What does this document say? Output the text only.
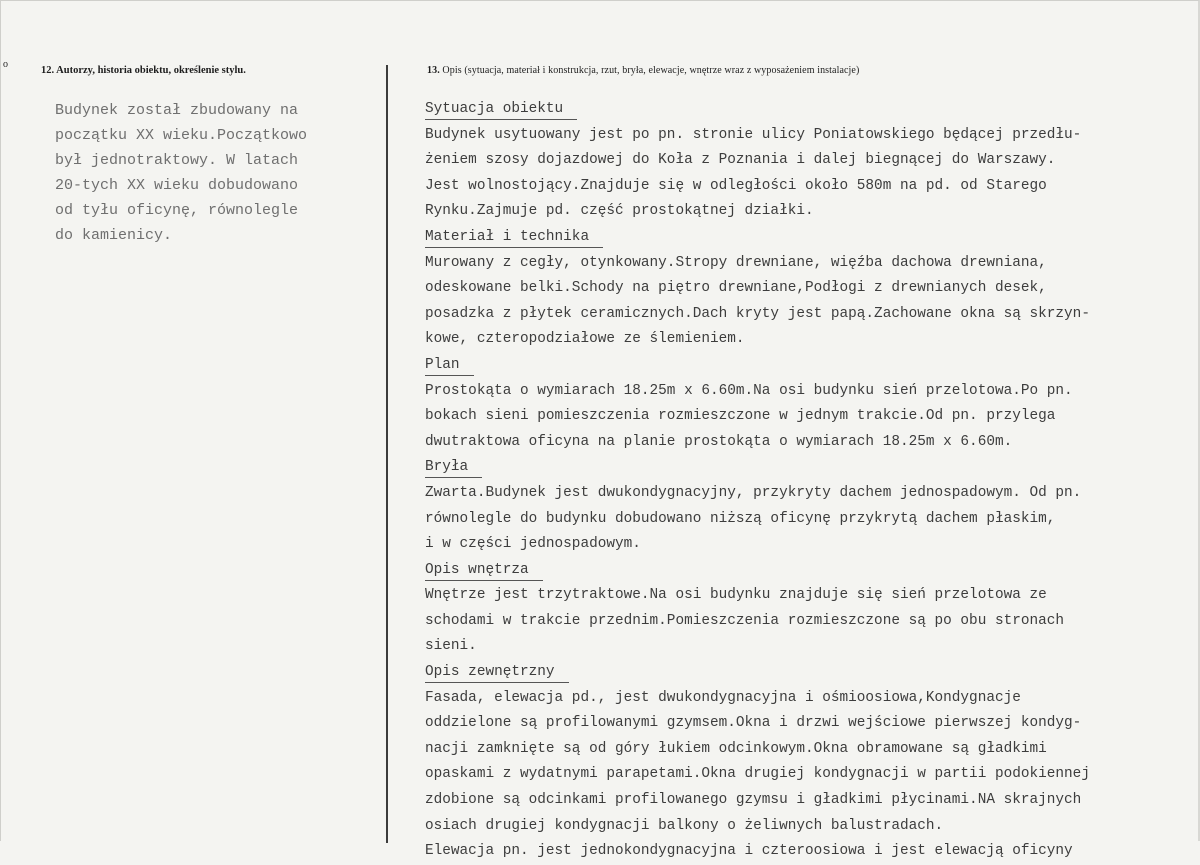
o
12. Autorzy, historia obiektu, określenie stylu.	13. Opis (sytuacja, materiał i konstrukcja, rzut, bryła, elewacje, wnętrze wraz z wyposażeniem instalacje)
Budynek został zbudowany na
początku XX wieku.Początkowo
był jednotraktowy. W latach
20-tych XX wieku dobudowano
od tyłu oficynę, równolegle
do kamienicy.
Sytuacja obiektu
Budynek usytuowany jest po pn. stronie ulicy Poniatowskiego będącej przedłu-
żeniem szosy dojazdowej do Koła z Poznania i dalej biegnącej do Warszawy.
Jest wolnostojący.Znajduje się w odległości około 580m na pd. od Starego
Rynku.Zajmuje pd. część prostokątnej działki.
Materiał i technika
Murowany z cegły, otynkowany.Stropy drewniane, więźba dachowa drewniana,
odeskowane belki.Schody na piętro drewniane,Podłogi z drewnianych desek,
posadzka z płytek ceramicznych.Dach kryty jest papą.Zachowane okna są skrzyn-
kowe, czteropodziałowe ze ślemieniem.
Plan
Prostokąta o wymiarach 18.25m x 6.60m.Na osi budynku sień przelotowa.Po pn.
bokach sieni pomieszczenia rozmieszczone w jednym trakcie.Od pn. przylega
dwutraktowa oficyna na planie prostokąta o wymiarach 18.25m x 6.60m.
Bryła
Zwarta.Budynek jest dwukondygnacyjny, przykryty dachem jednospadowym. Od pn.
równolegle do budynku dobudowano niższą oficynę przykrytą dachem płaskim,
i w części jednospadowym.
Opis wnętrza
Wnętrze jest trzytraktowe.Na osi budynku znajduje się sień przelotowa ze
schodami w trakcie przednim.Pomieszczenia rozmieszczone są po obu stronach
sieni.
Opis zewnętrzny
Fasada, elewacja pd., jest dwukondygnacyjna i ośmioosiowa,Kondygnacje
oddzielone są profilowanymi gzymsem.Okna i drzwi wejściowe pierwszej kondyg-
nacji zamknięte są od góry łukiem odcinkowym.Okna obramowane są gładkimi
opaskami z wydatnymi parapetami.Okna drugiej kondygnacji w partii podokiennej
zdobione są odcinkami profilowanego gzymsu i gładkimi płycinami.NA skrajnych
osiach drugiej kondygnacji balkony o żeliwnych balustradach.
Elewacja pn. jest jednokondygnacyjna i czteroosiowa i jest elewacją oficyny
